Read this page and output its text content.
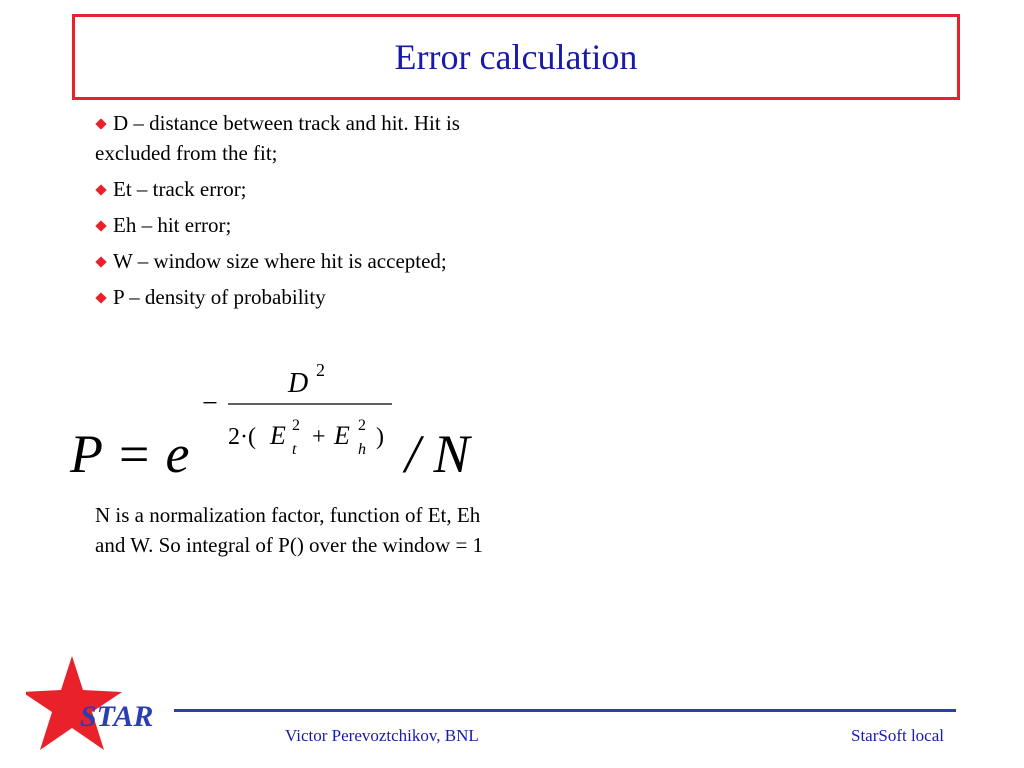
Error calculation
D – distance between track and hit. Hit is excluded from the fit;
Et – track error;
Eh – hit error;
W – window size where hit is accepted;
P – density of probability
P = e
−
D 2
2·( E 2
t + E 2
h ) / N
N is a normalization factor, function of Et, Eh and W. So integral of P() over the window = 1
STAR
Victor Perevoztchikov, BNL	StarSoft local
